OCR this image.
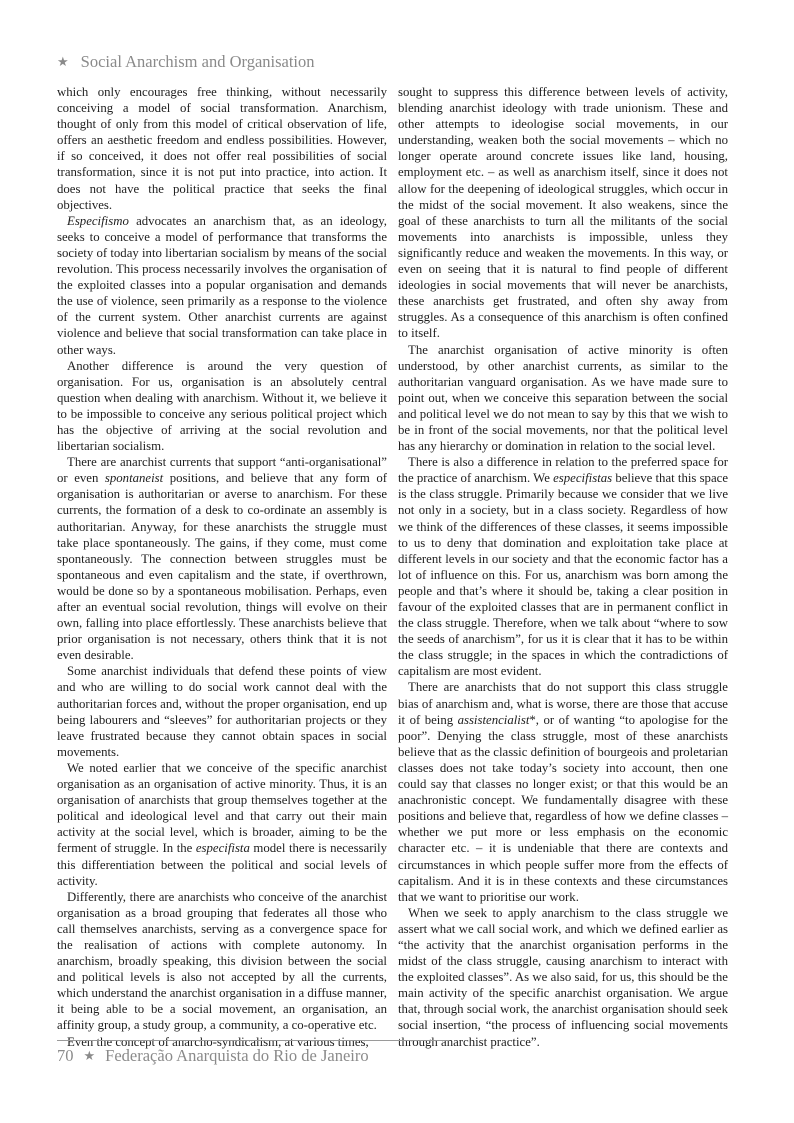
★ Social Anarchism and Organisation

which only encourages free thinking, without necessarily conceiving a model of social transformation. Anarchism, thought of only from this model of critical observation of life, offers an aesthetic freedom and endless possibilities. However, if so conceived, it does not offer real possibilities of social transformation, since it is not put into practice, into action. It does not have the political practice that seeks the final objectives.

Especifismo advocates an anarchism that, as an ideology, seeks to conceive a model of performance that transforms the society of today into libertarian socialism by means of the social revolution. This process necessarily involves the organisation of the exploited classes into a popular organisation and demands the use of violence, seen primarily as a response to the violence of the current system. Other anarchist currents are against violence and believe that social transformation can take place in other ways.

Another difference is around the very question of organisation. For us, organisation is an absolutely central question when dealing with anarchism. Without it, we believe it to be impossible to conceive any serious political project which has the objective of arriving at the social revolution and libertarian socialism.

There are anarchist currents that support “anti-organisational” or even spontaneist positions, and believe that any form of organisation is authoritarian or averse to anarchism. For these currents, the formation of a desk to co-ordinate an assembly is authoritarian. Anyway, for these anarchists the struggle must take place spontaneously. The gains, if they come, must come spontaneously. The connection between struggles must be spontaneous and even capitalism and the state, if overthrown, would be done so by a spontaneous mobilisation. Perhaps, even after an eventual social revolution, things will evolve on their own, falling into place effortlessly. These anarchists believe that prior organisation is not necessary, others think that it is not even desirable.

Some anarchist individuals that defend these points of view and who are willing to do social work cannot deal with the authoritarian forces and, without the proper organisation, end up being labourers and “sleeves” for authoritarian projects or they leave frustrated because they cannot obtain spaces in social movements.

We noted earlier that we conceive of the specific anarchist organisation as an organisation of active minority. Thus, it is an organisation of anarchists that group themselves together at the political and ideological level and that carry out their main activity at the social level, which is broader, aiming to be the ferment of struggle. In the especifista model there is necessarily this differentiation between the political and social levels of activity.

Differently, there are anarchists who conceive of the anarchist organisation as a broad grouping that federates all those who call themselves anarchists, serving as a convergence space for the realisation of actions with complete autonomy. In anarchism, broadly speaking, this division between the social and political levels is also not accepted by all the currents, which understand the anarchist organisation in a diffuse manner, it being able to be a social movement, an organisation, an affinity group, a study group, a community, a co-operative etc.

Even the concept of anarcho-syndicalism, at various times,

sought to suppress this difference between levels of activity, blending anarchist ideology with trade unionism. These and other attempts to ideologise social movements, in our understanding, weaken both the social movements – which no longer operate around concrete issues like land, housing, employment etc. – as well as anarchism itself, since it does not allow for the deepening of ideological struggles, which occur in the midst of the social movement. It also weakens, since the goal of these anarchists to turn all the militants of the social movements into anarchists is impossible, unless they significantly reduce and weaken the movements. In this way, or even on seeing that it is natural to find people of different ideologies in social movements that will never be anarchists, these anarchists get frustrated, and often shy away from struggles. As a consequence of this anarchism is often confined to itself.

The anarchist organisation of active minority is often understood, by other anarchist currents, as similar to the authoritarian vanguard organisation. As we have made sure to point out, when we conceive this separation between the social and political level we do not mean to say by this that we wish to be in front of the social movements, nor that the political level has any hierarchy or domination in relation to the social level.

There is also a difference in relation to the preferred space for the practice of anarchism. We especifistas believe that this space is the class struggle. Primarily because we consider that we live not only in a society, but in a class society. Regardless of how we think of the differences of these classes, it seems impossible to us to deny that domination and exploitation take place at different levels in our society and that the economic factor has a lot of influence on this. For us, anarchism was born among the people and that’s where it should be, taking a clear position in favour of the exploited classes that are in permanent conflict in the class struggle. Therefore, when we talk about “where to sow the seeds of anarchism”, for us it is clear that it has to be within the class struggle; in the spaces in which the contradictions of capitalism are most evident.

There are anarchists that do not support this class struggle bias of anarchism and, what is worse, there are those that accuse it of being assistencialist*, or of wanting “to apologise for the poor”. Denying the class struggle, most of these anarchists believe that as the classic definition of bourgeois and proletarian classes does not take today’s society into account, then one could say that classes no longer exist; or that this would be an anachronistic concept. We fundamentally disagree with these positions and believe that, regardless of how we define classes – whether we put more or less emphasis on the economic character etc. – it is undeniable that there are contexts and circumstances in which people suffer more from the effects of capitalism. And it is in these contexts and these circumstances that we want to prioritise our work.

When we seek to apply anarchism to the class struggle we assert what we call social work, and which we defined earlier as “the activity that the anarchist organisation performs in the midst of the class struggle, causing anarchism to interact with the exploited classes”. As we also said, for us, this should be the main activity of the specific anarchist organisation. We argue that, through social work, the anarchist organisation should seek social insertion, “the process of influencing social movements through anarchist practice”.

70 ★ Federação Anarquista do Rio de Janeiro
